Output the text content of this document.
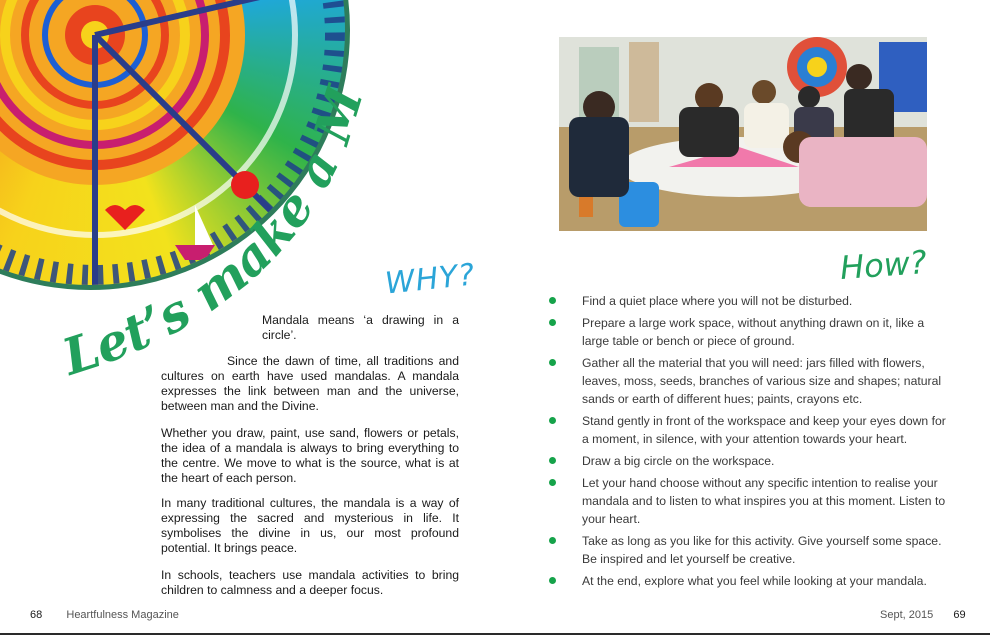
Let’s make a M
WHY?

Mandala means ‘a drawing in a circle’.

Since the dawn of time, all traditions and cultures on earth have used mandalas. A mandala expresses the link between man and the universe, between man and the Divine.

Whether you draw, paint, use sand, flowers or petals, the idea of a mandala is always to bring everything to the centre. We move to what is the source, what is at the heart of each person.

In many traditional cultures, the mandala is a way of expressing the sacred and mysterious in life. It symbolises the divine in us, our most profound potential. It brings peace.

In schools, teachers use mandala activities to bring children to calmness and a deeper focus.

68 Heartfulness Magazine
How?
Find a quiet place where you will not be disturbed.
Prepare a large work space, without anything drawn on it, like a large table or bench or piece of ground.
Gather all the material that you will need: jars filled with flowers, leaves, moss, seeds, branches of various size and shapes; natural sands or earth of different hues; paints, crayons etc.
Stand gently in front of the workspace and keep your eyes down for a moment, in silence, with your attention towards your heart.
Draw a big circle on the workspace.
Let your hand choose without any specific intention to realise your mandala and to listen to what inspires you at this moment. Listen to your heart.
Take as long as you like for this activity. Give yourself some space. Be inspired and let yourself be creative.
At the end, explore what you feel while looking at your mandala.
Sept, 2015 69
